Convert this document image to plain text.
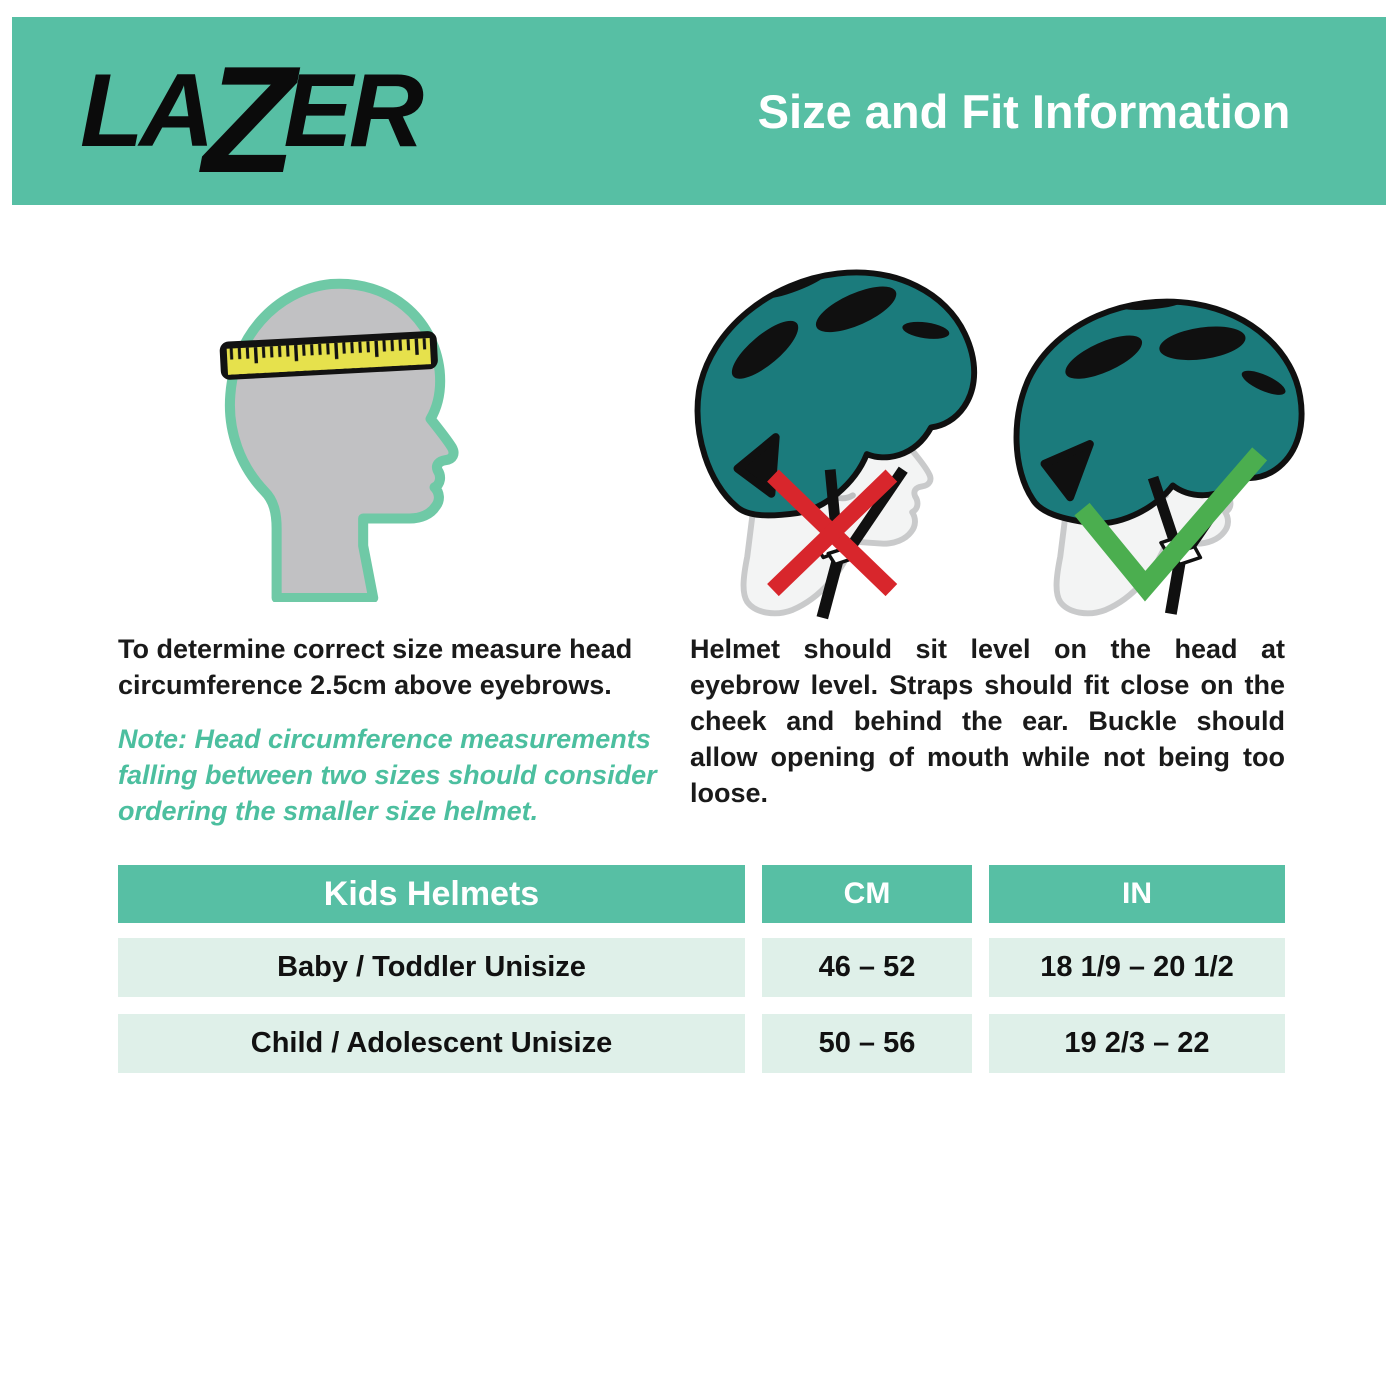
LA
Z
ER	Size and Fit Information
To determine correct size measure head circumference 2.5cm above eyebrows.
Note: Head circumference measurements falling between two sizes should consider ordering the smaller size helmet.
Helmet should sit level on the head at eyebrow level. Straps should fit close on the cheek and behind the ear. Buckle should allow opening of mouth while not being too loose.
Kids Helmets	CM	IN
Baby / Toddler Unisize	46 – 52	18 1/9 – 20 1/2
Child / Adolescent Unisize	50 – 56	19 2/3 – 22
